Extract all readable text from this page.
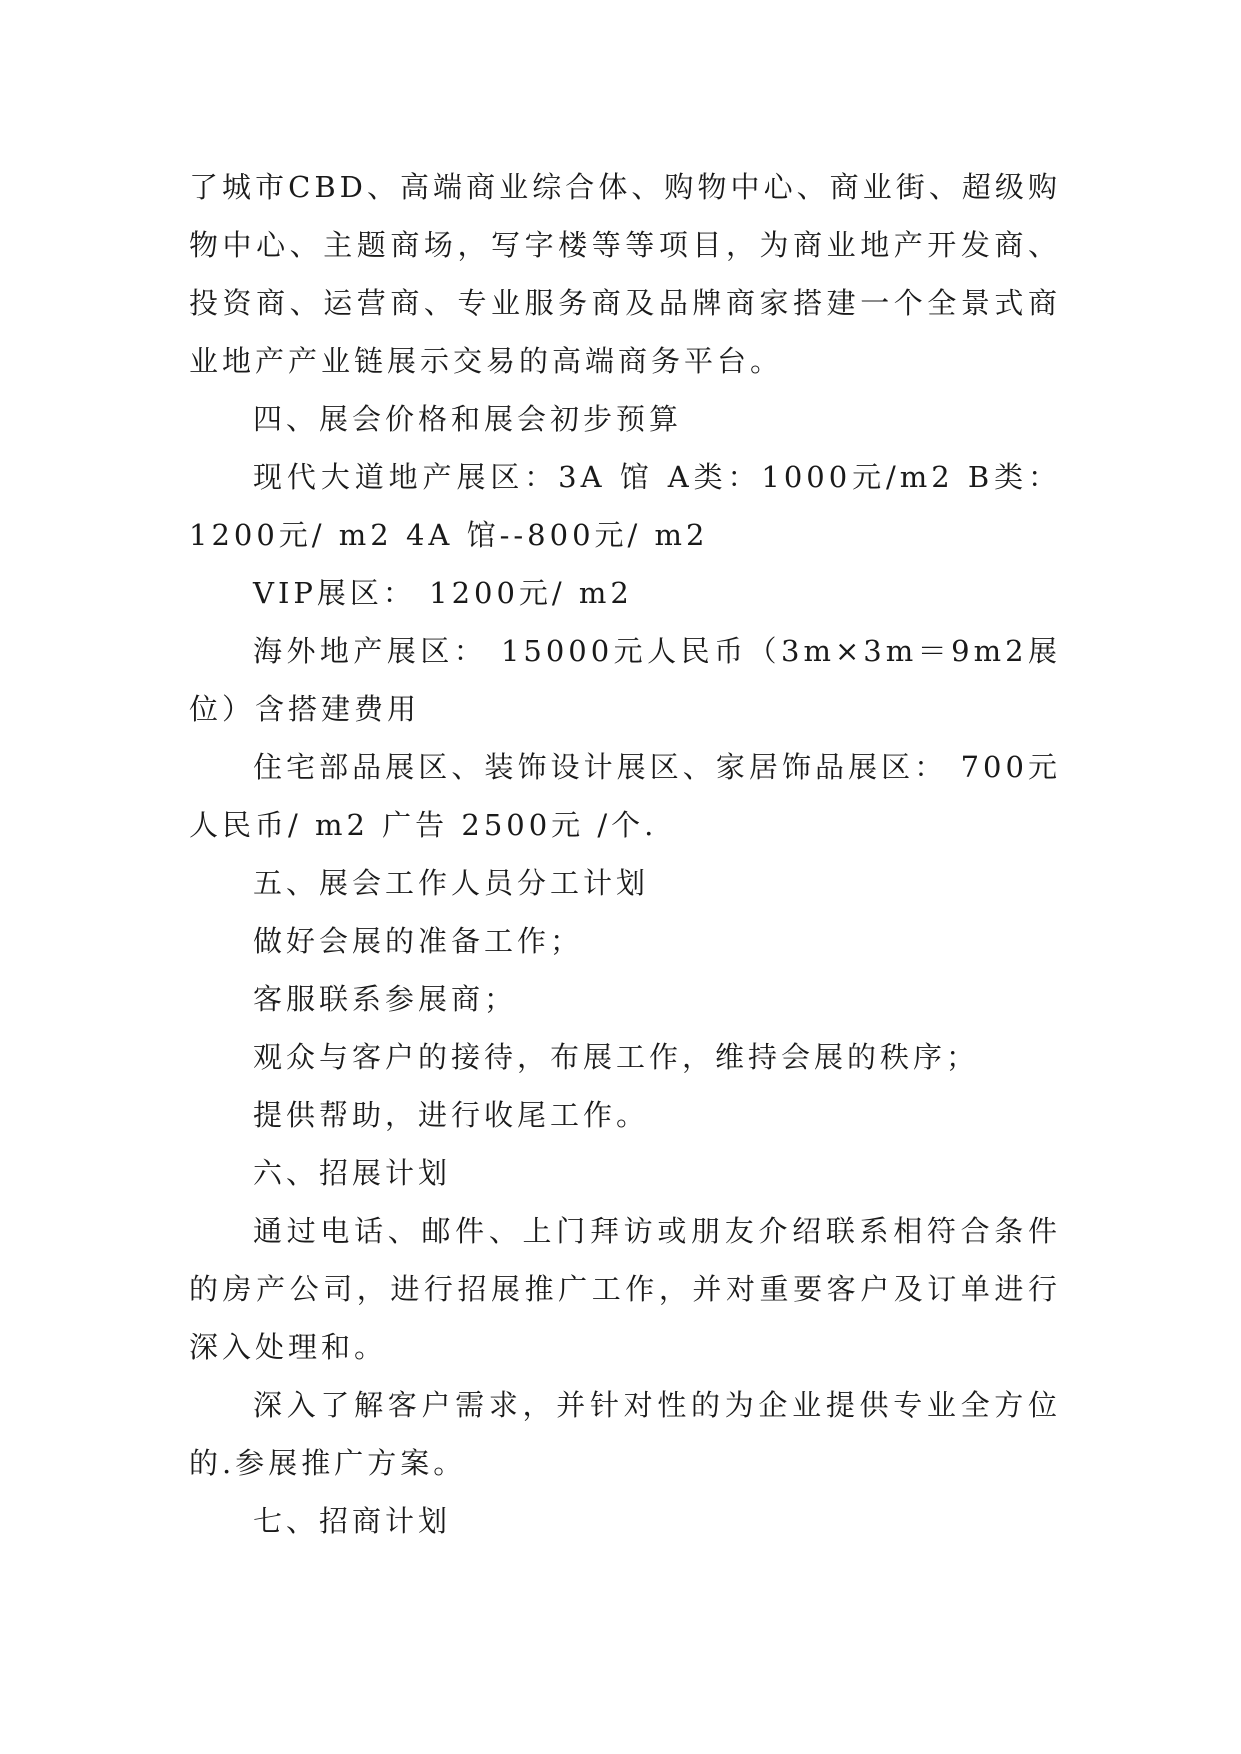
了城市CBD、高端商业综合体、购物中心、商业街、超级购物中心、主题商场，写字楼等等项目，为商业地产开发商、投资商、运营商、专业服务商及品牌商家搭建一个全景式商业地产产业链展示交易的高端商务平台。

四、展会价格和展会初步预算

现代大道地产展区：3A 馆 A类：1000元/m2 B类：1200元/ m2 4A 馆--800元/ m2

VIP展区： 1200元/ m2

海外地产展区： 15000元人民币（3m×3m＝9m2展位）含搭建费用

住宅部品展区、装饰设计展区、家居饰品展区： 700元人民币/ m2 广告 2500元 /个.

五、展会工作人员分工计划

做好会展的准备工作；

客服联系参展商；

观众与客户的接待，布展工作，维持会展的秩序；

提供帮助，进行收尾工作。

六、招展计划

通过电话、邮件、上门拜访或朋友介绍联系相符合条件的房产公司，进行招展推广工作，并对重要客户及订单进行深入处理和。

深入了解客户需求，并针对性的为企业提供专业全方位的.参展推广方案。

七、招商计划
